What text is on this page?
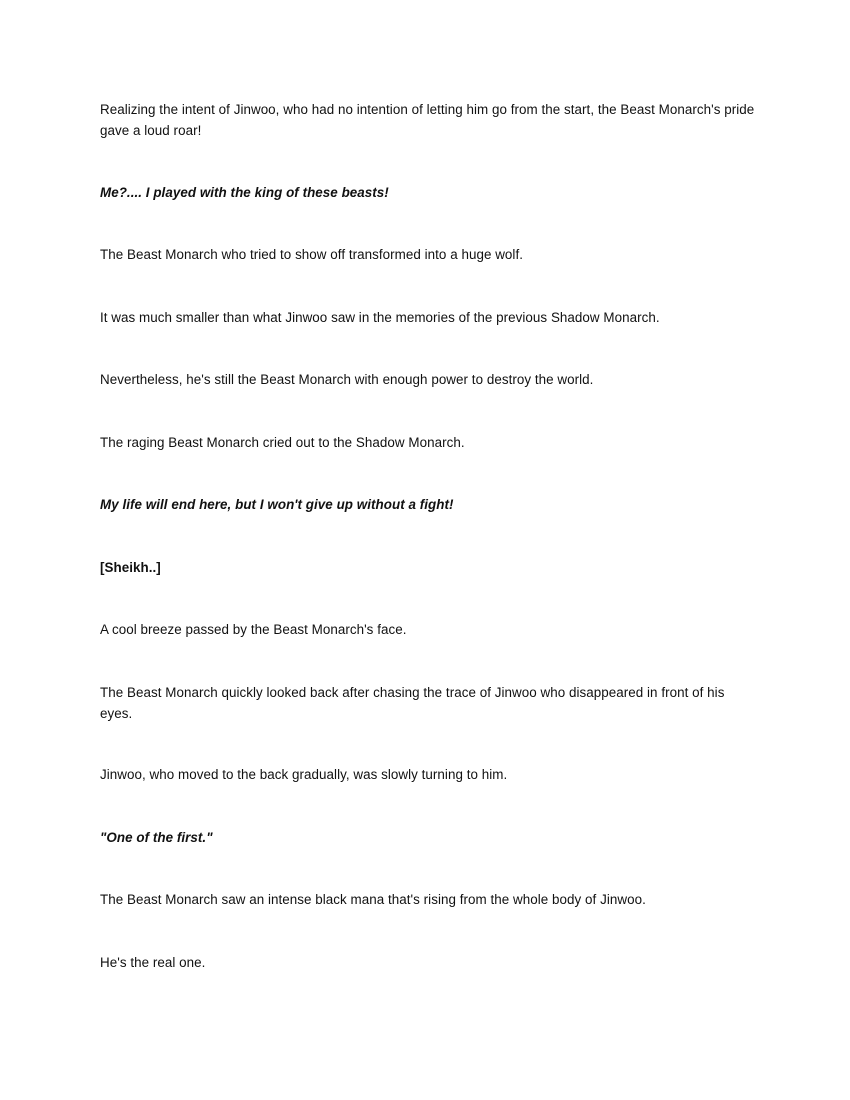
Realizing the intent of Jinwoo, who had no intention of letting him go from the start, the Beast Monarch's pride gave a loud roar!

Me?.... I played with the king of these beasts!

The Beast Monarch who tried to show off transformed into a huge wolf.

It was much smaller than what Jinwoo saw in the memories of the previous Shadow Monarch.

Nevertheless, he's still the Beast Monarch with enough power to destroy the world.

The raging Beast Monarch cried out to the Shadow Monarch.

My life will end here, but I won't give up without a fight!

[Sheikh..]

A cool breeze passed by the Beast Monarch's face.

The Beast Monarch quickly looked back after chasing the trace of Jinwoo who disappeared in front of his eyes.

Jinwoo, who moved to the back gradually, was slowly turning to him.

"One of the first."

The Beast Monarch saw an intense black mana that's rising from the whole body of Jinwoo.

He's the real one.
